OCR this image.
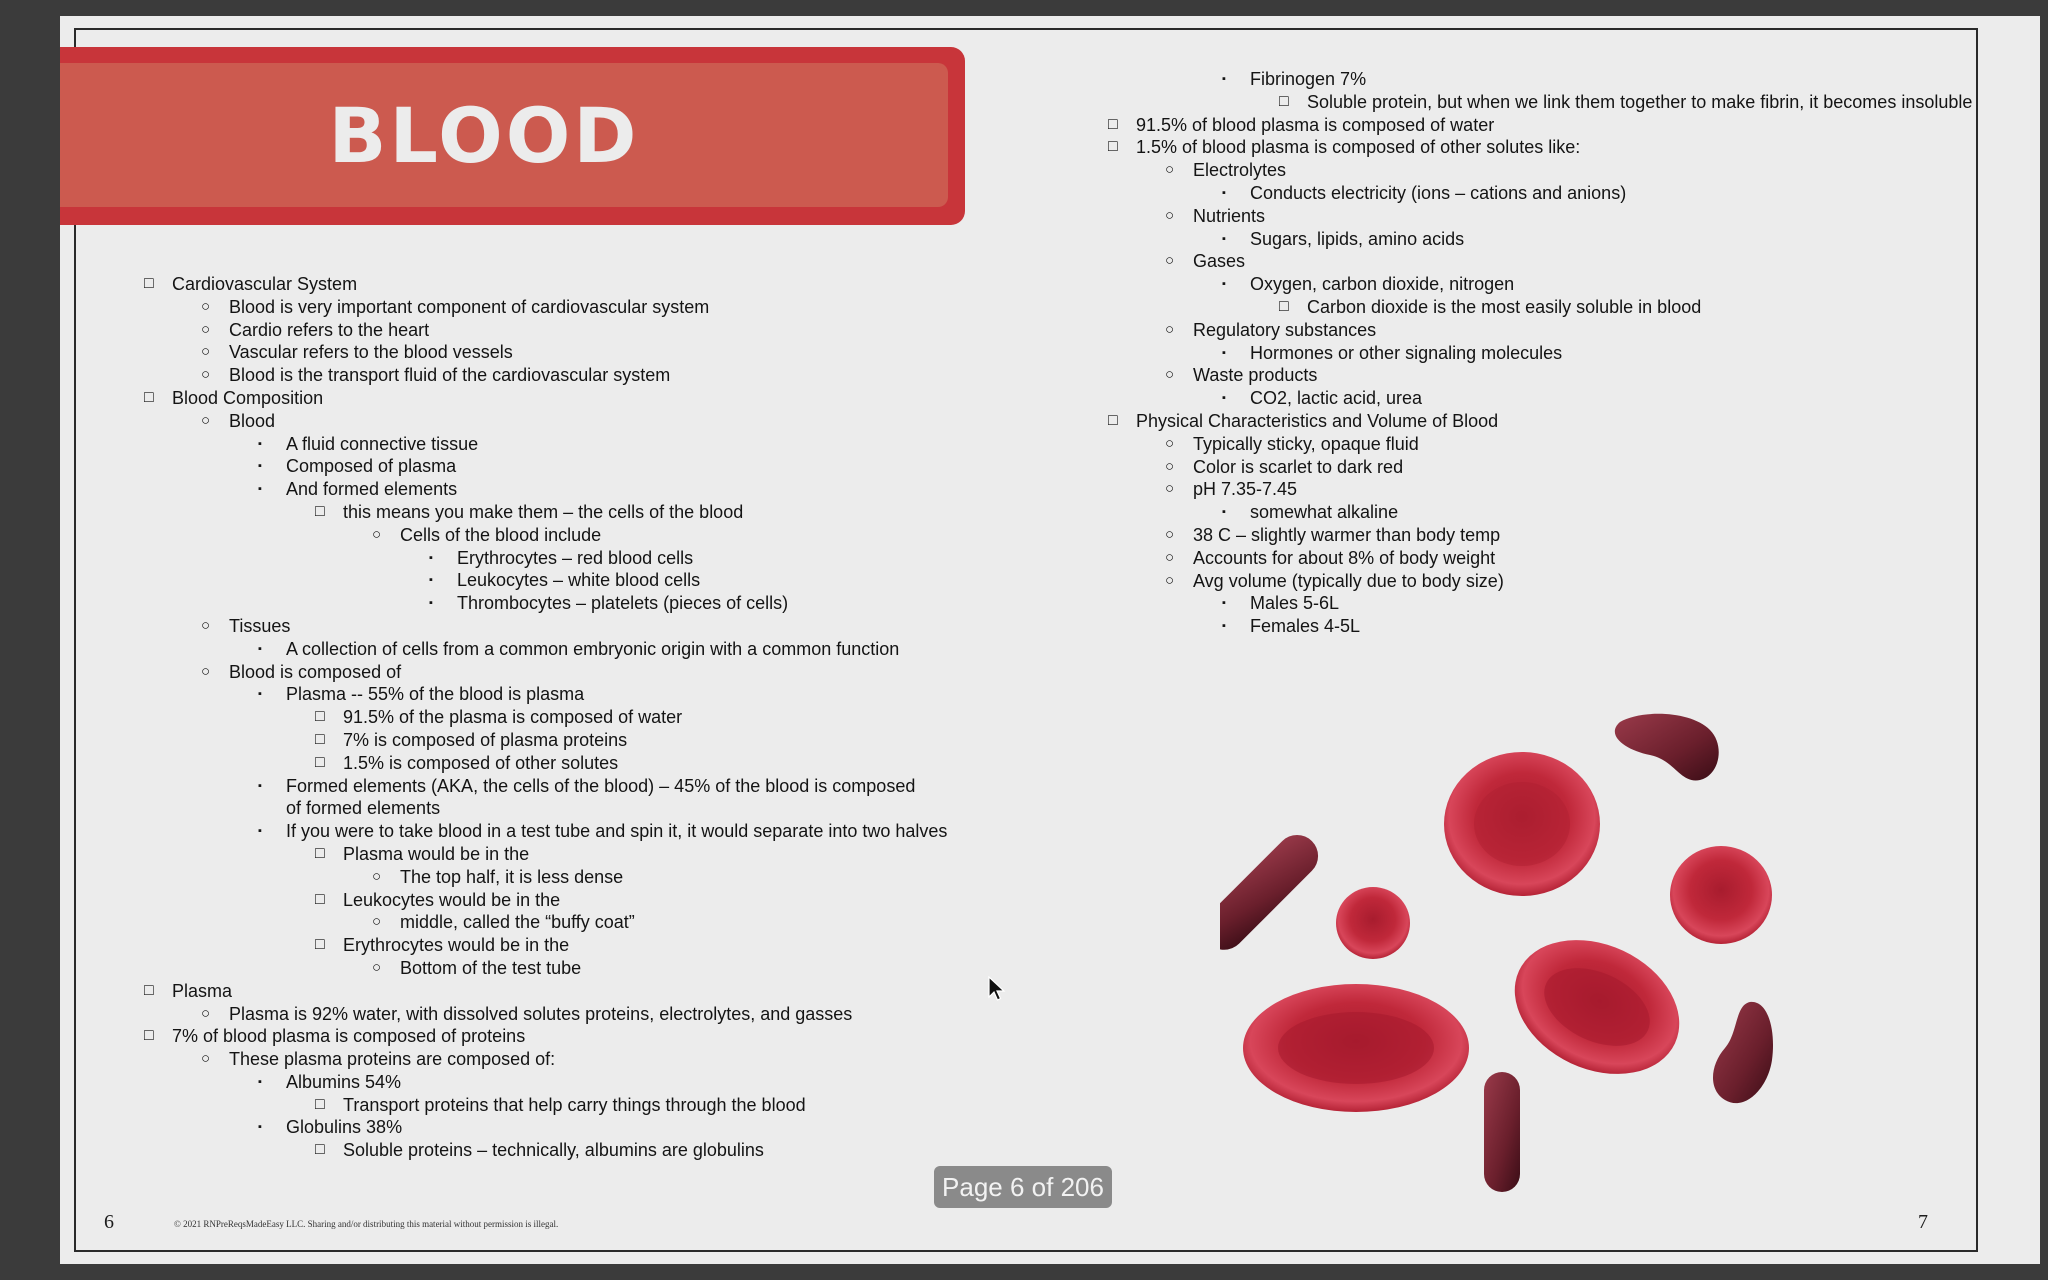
BLOOD
□	Cardiovascular System
○	Blood is very important component of cardiovascular system
○	Cardio refers to the heart
○	Vascular refers to the blood vessels
○	Blood is the transport fluid of the cardiovascular system
□	Blood Composition
○	Blood
▪	A fluid connective tissue
▪	Composed of plasma
▪	And formed elements
□	this means you make them – the cells of the blood
○	Cells of the blood include
▪	Erythrocytes – red blood cells
▪	Leukocytes – white blood cells
▪	Thrombocytes – platelets (pieces of cells)
○	Tissues
▪	A collection of cells from a common embryonic origin with a common function
○	Blood is composed of
▪	Plasma -- 55% of the blood is plasma
□	91.5% of the plasma is composed of water
□	7% is composed of plasma proteins
□	1.5% is composed of other solutes
▪	Formed elements (AKA, the cells of the blood) – 45% of the blood is composed of formed elements
▪	If you were to take blood in a test tube and spin it, it would separate into two halves
□	Plasma would be in the
○	The top half, it is less dense
□	Leukocytes would be in the
○	middle, called the “buffy coat”
□	Erythrocytes would be in the
○	Bottom of the test tube
□	Plasma
○	Plasma is 92% water, with dissolved solutes proteins, electrolytes, and gasses
□	7% of blood plasma is composed of proteins
○	These plasma proteins are composed of:
▪	Albumins 54%
□	Transport proteins that help carry things through the blood
▪	Globulins 38%
□	Soluble proteins – technically, albumins are globulins
▪	Fibrinogen 7%
□	Soluble protein, but when we link them together to make fibrin, it becomes insoluble
□	91.5% of blood plasma is composed of water
□	1.5% of blood plasma is composed of other solutes like:
○	Electrolytes
▪	Conducts electricity (ions – cations and anions)
○	Nutrients
▪	Sugars, lipids, amino acids
○	Gases
▪	Oxygen, carbon dioxide, nitrogen
□	Carbon dioxide is the most easily soluble in blood
○	Regulatory substances
▪	Hormones or other signaling molecules
○	Waste products
▪	CO2, lactic acid, urea
□	Physical Characteristics and Volume of Blood
○	Typically sticky, opaque fluid
○	Color is scarlet to dark red
○	pH 7.35-7.45
▪	somewhat alkaline
○	38 C – slightly warmer than body temp
○	Accounts for about 8% of body weight
○	Avg volume (typically due to body size)
▪	Males 5-6L
▪	Females 4-5L
6	7
© 2021 RNPreReqsMadeEasy LLC. Sharing and/or distributing this material without permission is illegal.
Page 6 of 206
